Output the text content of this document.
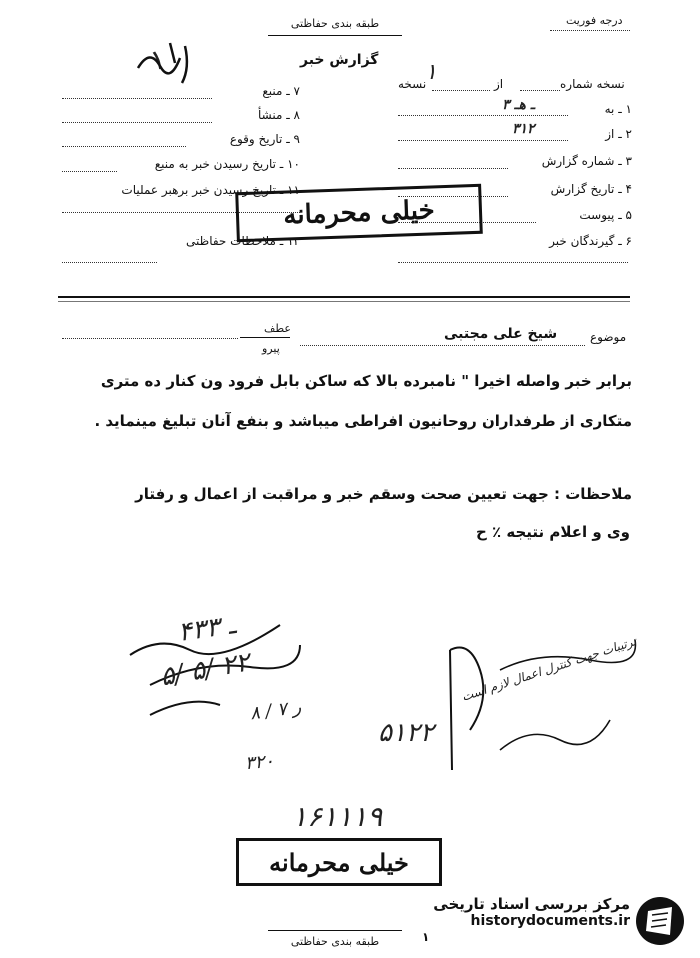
درجه فوریت
طبقه بندی حفاظتی
گزارش خبر
۱
نسخه شماره
از
۱
نسخه
۱ ـ به
۳ ـ هـ
۲ ـ از
۳۱۲
۳ ـ شماره گزارش
۴ ـ تاریخ گزارش
۵ ـ پیوست
۶ ـ گیرندگان خبر
۷ ـ منبع
۸ ـ منشأ
۹ ـ تاریخ وقوع
۱۰ ـ تاریخ رسیدن خبر به منبع
۱۱ ـ تاریخ رسیدن خبر برهبر عملیات
۱۲ ـ ملاحظات حفاظتی
خیلی محرمانه
عطف
پیرو
موضوع
شیخ علی مجتبی
برابر خبر واصله اخیرا " نامبرده بالا که ساکن بابل فرود ون کنار ده متری
متکاری از طرفداران روحانیون افراطی میباشد و بنفع آنان تبلیغ مینماید .
ملاحظات : جهت تعیین صحت وسقم خبر و مراقبت از اعمال و رفتار
وی و اعلام نتیجه ٪ ح
۴ـ ۳۳
۵/ ۵/ ۲۲
ر ۷ / ۸
۳۲۰
۵۱۲۲
ترتیبات جهت کنترل اعمال لازم است
۱۶۱۱۱۹
خیلی محرمانه
طبقه بندی حفاظتی
مرکز بررسی اسناد تاریخی
historydocuments.ir
۱
